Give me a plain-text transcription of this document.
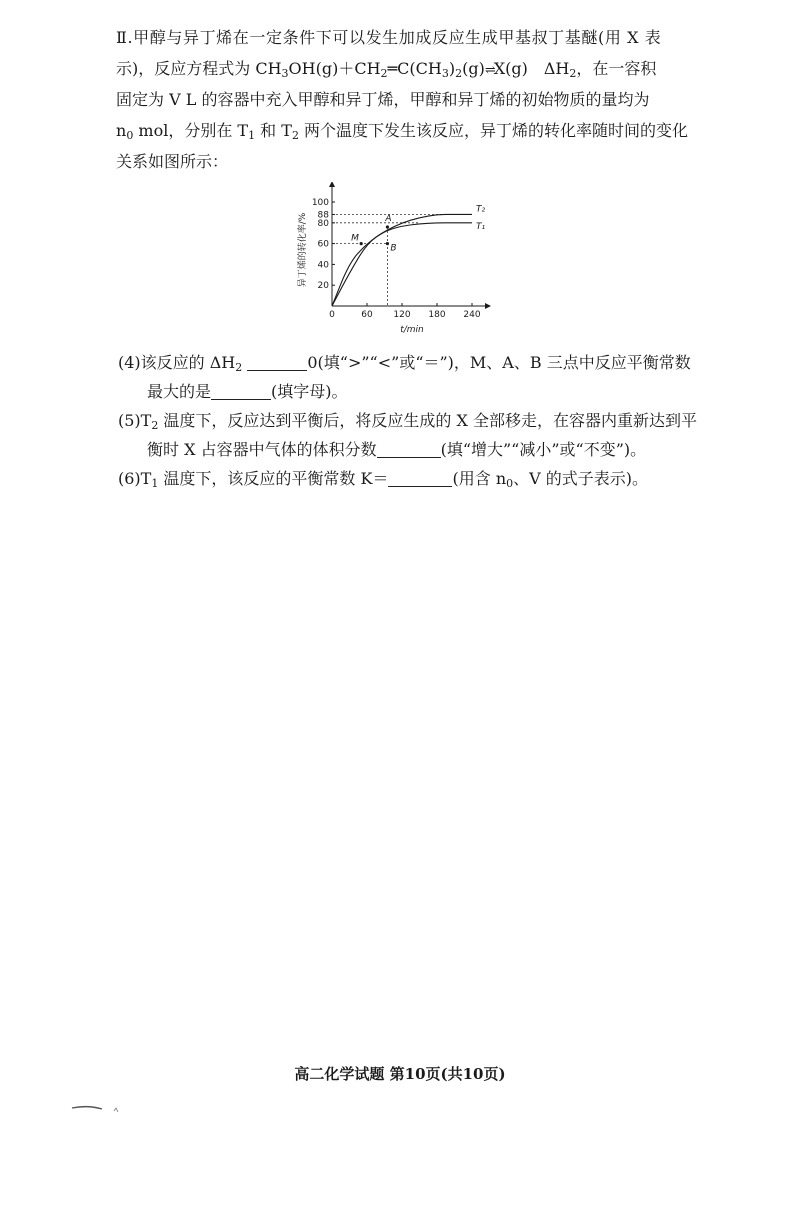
Ⅱ.甲醇与异丁烯在一定条件下可以发生加成反应生成甲基叔丁基醚(用 X 表
示)，反应方程式为 $CH_3OH(g)+CH_2═C(CH_3)_2(g)\rightleftharpoons X(g)$　$\Delta H_2$，在一容积
固定为 V L 的容器中充入甲醇和异丁烯，甲醇和异丁烯的初始物质的量均为
$n_0$ mol，分别在 $T_1$ 和 $T_2$ 两个温度下发生该反应，异丁烯的转化率随时间的变化
关系如图所示：
0	60 120 180 240
20
40
60
80
88
100
T₂
T₁
M
B
A
t/min
异丁烯的转化率/%
(4)该反应的 $\Delta H_2$	0(填“>”“<”或“＝”)，M、A、B 三点中反应平衡常数
最大的是	(填字母)。
$(5)T_2$ 温度下，反应达到平衡后，将反应生成的 X 全部移走，在容器内重新达到平
衡时 X 占容器中气体的体积分数	(填“增大”“减小”或“不变”)。
$(6)T_1$ 温度下，该反应的平衡常数 K＝	(用含 $n_0$、V 的式子表示)。
高二化学试题 第10页(共10页)
